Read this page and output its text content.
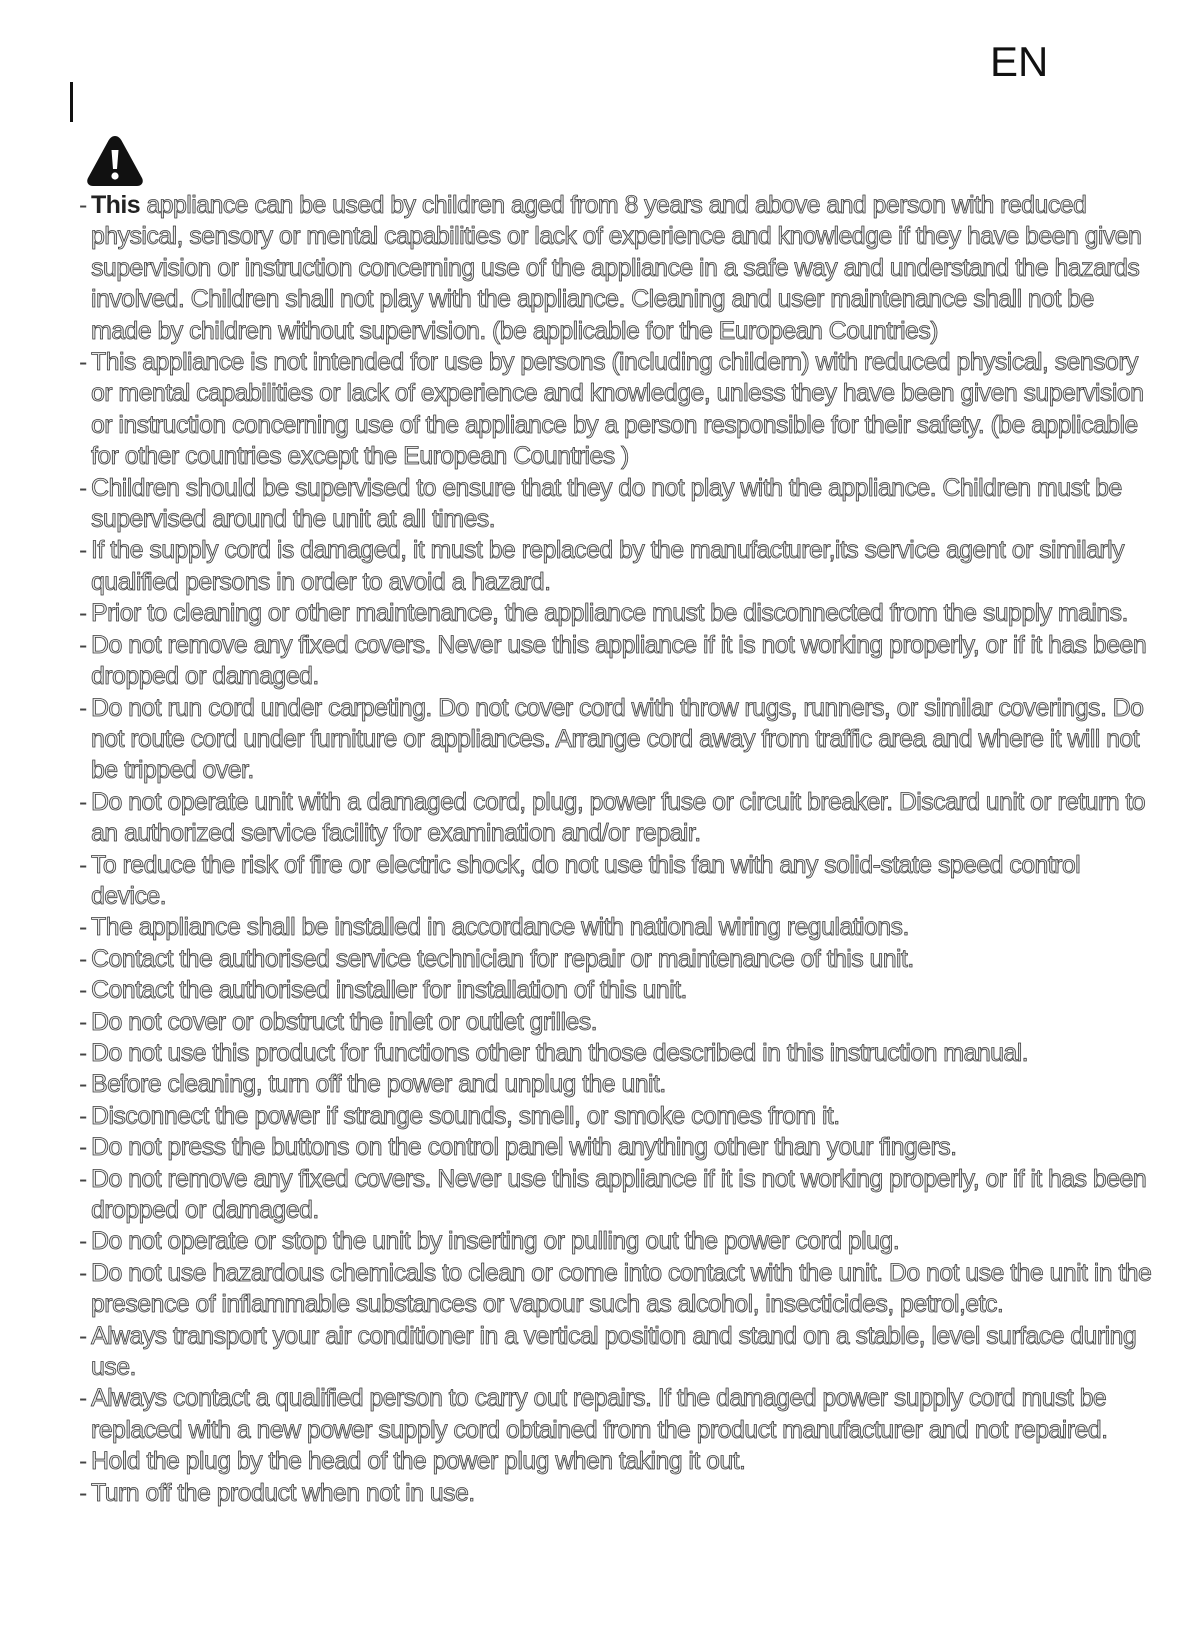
EN
- This appliance can be used by children aged from 8 years and above and person with reduced physical, sensory or mental capabilities or lack of experience and knowledge if they have been given supervision or instruction concerning use of the appliance in a safe way and understand the hazards involved. Children shall not play with the appliance. Cleaning and user maintenance shall not be made by children without supervision. (be applicable for the European Countries)
- This appliance is not intended for use by persons (including childern) with reduced physical, sensory or mental capabilities or lack of experience and knowledge, unless they have been given supervision or instruction concerning use of the appliance by a person responsible for their safety. (be applicable for other countries except the European Countries )
- Children should be supervised to ensure that they do not play with the appliance. Children must be supervised around the unit at all times.
- If the supply cord is damaged, it must be replaced by the manufacturer,its service agent or similarly qualified persons in order to avoid a hazard.
- Prior to cleaning or other maintenance, the appliance must be disconnected from the supply mains.
- Do not remove any fixed covers. Never use this appliance if it is not working properly, or if it has been dropped or damaged.
- Do not run cord under carpeting. Do not cover cord with throw rugs, runners, or similar coverings. Do not route cord under furniture or appliances. Arrange cord away from traffic area and where it will not be tripped over.
- Do not operate unit with a damaged cord, plug, power fuse or circuit breaker. Discard unit or return to an authorized service facility for examination and/or repair.
- To reduce the risk of fire or electric shock, do not use this fan with any solid-state speed control device.
- The appliance shall be installed in accordance with national wiring regulations.
- Contact the authorised service technician for repair or maintenance of this unit.
- Contact the authorised installer for installation of this unit.
- Do not cover or obstruct the inlet or outlet grilles.
- Do not use this product for functions other than those described in this instruction manual.
- Before cleaning, turn off the power and unplug the unit.
- Disconnect the power if strange sounds, smell, or smoke comes from it.
- Do not press the buttons on the control panel with anything other than your fingers.
- Do not remove any fixed covers. Never use this appliance if it is not working properly, or if it has been dropped or damaged.
- Do not operate or stop the unit by inserting or pulling out the power cord plug.
- Do not use hazardous chemicals to clean or come into contact with the unit. Do not use the unit in the presence of inflammable substances or vapour such as alcohol, insecticides, petrol,etc.
- Always transport your air conditioner in a vertical position and stand on a stable, level surface during use.
- Always contact a qualified person to carry out repairs. If the damaged power supply cord must be replaced with a new power supply cord obtained from the product manufacturer and not repaired.
- Hold the plug by the head of the power plug when taking it out.
- Turn off the product when not in use.
